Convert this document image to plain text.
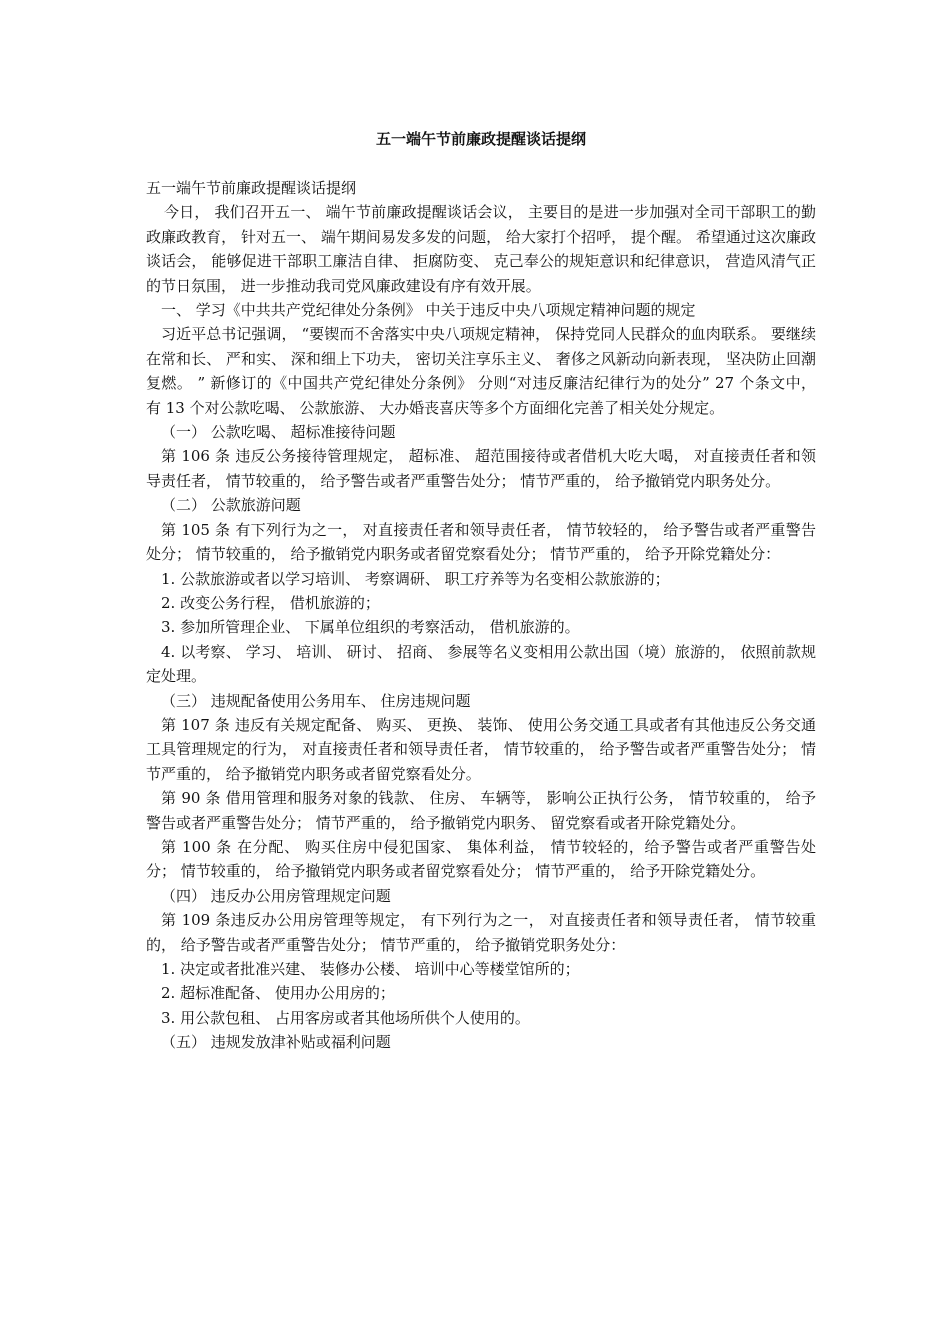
五一端午节前廉政提醒谈话提纲

五一端午节前廉政提醒谈话提纲

今日， 我们召开五一、 端午节前廉政提醒谈话会议， 主要目的是进一步加强对全司干部职工的勤政廉政教育， 针对五一、 端午期间易发多发的问题， 给大家打个招呼， 提个醒。 希望通过这次廉政谈话会， 能够促进干部职工廉洁自律、 拒腐防变、 克己奉公的规矩意识和纪律意识， 营造风清气正的节日氛围， 进一步推动我司党风廉政建设有序有效开展。

一、 学习《中共共产党纪律处分条例》 中关于违反中央八项规定精神问题的规定

习近平总书记强调， “要锲而不舍落实中央八项规定精神， 保持党同人民群众的血肉联系。 要继续在常和长、 严和实、 深和细上下功夫， 密切关注享乐主义、 奢侈之风新动向新表现， 坚决防止回潮复燃。 ” 新修订的《中国共产党纪律处分条例》 分则“对违反廉洁纪律行为的处分” 27 个条文中， 有 13 个对公款吃喝、 公款旅游、 大办婚丧喜庆等多个方面细化完善了相关处分规定。

（一） 公款吃喝、 超标准接待问题

第 106 条 违反公务接待管理规定， 超标准、 超范围接待或者借机大吃大喝， 对直接责任者和领导责任者， 情节较重的， 给予警告或者严重警告处分； 情节严重的， 给予撤销党内职务处分。

（二） 公款旅游问题

第 105 条 有下列行为之一， 对直接责任者和领导责任者， 情节较轻的， 给予警告或者严重警告处分； 情节较重的， 给予撤销党内职务或者留党察看处分； 情节严重的， 给予开除党籍处分：

1. 公款旅游或者以学习培训、 考察调研、 职工疗养等为名变相公款旅游的；

2. 改变公务行程， 借机旅游的；

3. 参加所管理企业、 下属单位组织的考察活动， 借机旅游的。

4. 以考察、 学习、 培训、 研讨、 招商、 参展等名义变相用公款出国（境）旅游的， 依照前款规定处理。

（三） 违规配备使用公务用车、 住房违规问题

第 107 条 违反有关规定配备、 购买、 更换、 装饰、 使用公务交通工具或者有其他违反公务交通工具管理规定的行为， 对直接责任者和领导责任者， 情节较重的， 给予警告或者严重警告处分； 情节严重的， 给予撤销党内职务或者留党察看处分。

第 90 条 借用管理和服务对象的钱款、 住房、 车辆等， 影响公正执行公务， 情节较重的， 给予警告或者严重警告处分； 情节严重的， 给予撤销党内职务、 留党察看或者开除党籍处分。

第 100 条 在分配、 购买住房中侵犯国家、 集体利益， 情节较轻的，给予警告或者严重警告处分； 情节较重的， 给予撤销党内职务或者留党察看处分； 情节严重的， 给予开除党籍处分。

（四） 违反办公用房管理规定问题

第 109 条违反办公用房管理等规定， 有下列行为之一， 对直接责任者和领导责任者， 情节较重的， 给予警告或者严重警告处分； 情节严重的， 给予撤销党职务处分：

1. 决定或者批准兴建、 装修办公楼、 培训中心等楼堂馆所的；

2. 超标准配备、 使用办公用房的；

3. 用公款包租、 占用客房或者其他场所供个人使用的。

（五） 违规发放津补贴或福利问题
